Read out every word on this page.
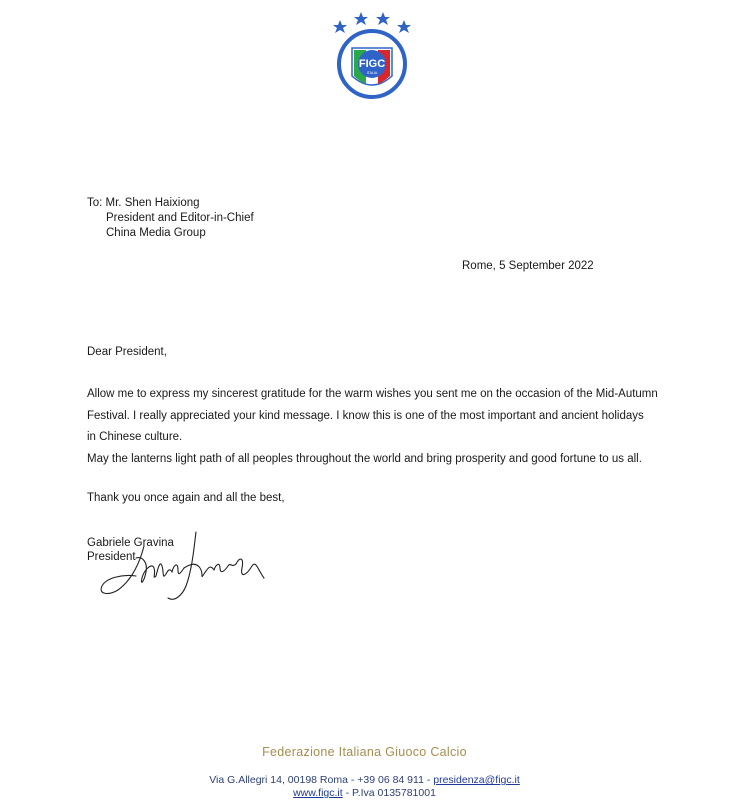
FIGC
ITALIA
To: Mr. Shen Haixiong
President and Editor-in-Chief
China Media Group
Rome, 5 September 2022
Dear President,

Allow me to express my sincerest gratitude for the warm wishes you sent me on the occasion of the Mid-Autumn

Festival. I really appreciated your kind message. I know this is one of the most important and ancient holidays

in Chinese culture.

May the lanterns light path of all peoples throughout the world and bring prosperity and good fortune to us all.

Thank you once again and all the best,
Gabriele Gravina
President
Federazione Italiana Giuoco Calcio
Via G.Allegri 14, 00198 Roma - +39 06 84 911 - presidenza@figc.it
www.figc.it - P.Iva 0135781001
